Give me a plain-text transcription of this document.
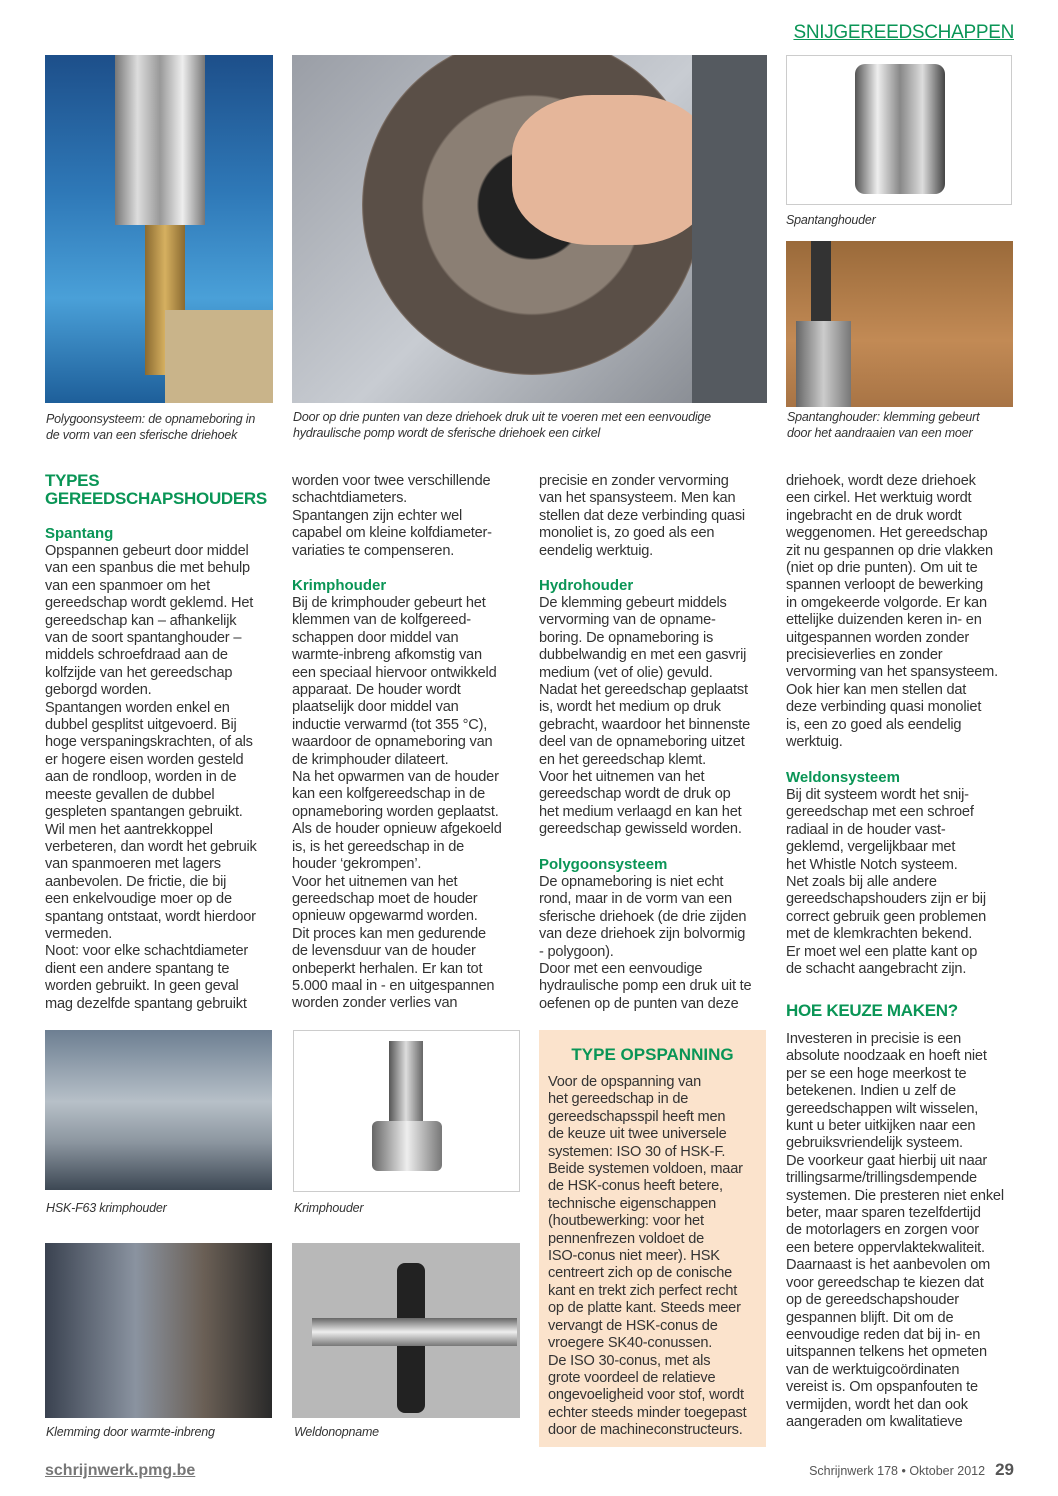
SNIJGEREEDSCHAPPEN
Spantanghouder
Polygoonsysteem: de opnameboring in
de vorm van een sferische driehoek
Door op drie punten van deze driehoek druk uit te voeren met een eenvoudige
hydraulische pomp wordt de sferische driehoek een cirkel
Spantanghouder: klemming gebeurt
door het aandraaien van een moer
TYPES
GEREEDSCHAPSHOUDERS
Spantang
Opspannen gebeurt door middel
van een spanbus die met behulp
van een spanmoer om het
gereedschap wordt geklemd. Het
gereedschap kan – afhankelijk
van de soort spantanghouder –
middels schroefdraad aan de
kolfzijde van het gereedschap
geborgd worden.
Spantangen worden enkel en
dubbel gesplitst uitgevoerd. Bij
hoge verspaningskrachten, of als
er hogere eisen worden gesteld
aan de rondloop, worden in de
meeste gevallen de dubbel
gespleten spantangen gebruikt.
Wil men het aantrekkoppel
verbeteren, dan wordt het gebruik
van spanmoeren met lagers
aanbevolen. De frictie, die bij
een enkelvoudige moer op de
spantang ontstaat, wordt hierdoor
vermeden.
Noot: voor elke schachtdiameter
dient een andere spantang te
worden gebruikt. In geen geval
mag dezelfde spantang gebruikt
worden voor twee verschillende
schachtdiameters.
Spantangen zijn echter wel
capabel om kleine kolfdiameter-
variaties te compenseren.
Krimphouder
Bij de krimphouder gebeurt het
klemmen van de kolfgereed-
schappen door middel van
warmte-inbreng afkomstig van
een speciaal hiervoor ontwikkeld
apparaat. De houder wordt
plaatselijk door middel van
inductie verwarmd (tot 355 °C),
waardoor de opnameboring van
de krimphouder dilateert.
Na het opwarmen van de houder
kan een kolfgereedschap in de
opnameboring worden geplaatst.
Als de houder opnieuw afgekoeld
is, is het gereedschap in de
houder ‘gekrompen’.
Voor het uitnemen van het
gereedschap moet de houder
opnieuw opgewarmd worden.
Dit proces kan men gedurende
de levensduur van de houder
onbeperkt herhalen. Er kan tot
5.000 maal in - en uitgespannen
worden zonder verlies van
precisie en zonder vervorming
van het spansysteem. Men kan
stellen dat deze verbinding quasi
monoliet is, zo goed als een
eendelig werktuig.
Hydrohouder
De klemming gebeurt middels
vervorming van de opname-
boring. De opnameboring is
dubbelwandig en met een gasvrij
medium (vet of olie) gevuld.
Nadat het gereedschap geplaatst
is, wordt het medium op druk
gebracht, waardoor het binnenste
deel van de opnameboring uitzet
en het gereedschap klemt.
Voor het uitnemen van het
gereedschap wordt de druk op
het medium verlaagd en kan het
gereedschap gewisseld worden.
Polygoonsysteem
De opnameboring is niet echt
rond, maar in de vorm van een
sferische driehoek (de drie zijden
van deze driehoek zijn bolvormig
- polygoon).
Door met een eenvoudige
hydraulische pomp een druk uit te
oefenen op de punten van deze
driehoek, wordt deze driehoek
een cirkel. Het werktuig wordt
ingebracht en de druk wordt
weggenomen. Het gereedschap
zit nu gespannen op drie vlakken
(niet op drie punten). Om uit te
spannen verloopt de bewerking
in omgekeerde volgorde. Er kan
ettelijke duizenden keren in- en
uitgespannen worden zonder
precisieverlies en zonder
vervorming van het spansysteem.
Ook hier kan men stellen dat
deze verbinding quasi monoliet
is, een zo goed als eendelig
werktuig.
Weldonsysteem
Bij dit systeem wordt het snij-
gereedschap met een schroef
radiaal in de houder vast-
geklemd, vergelijkbaar met
het Whistle Notch systeem.
Net zoals bij alle andere
gereedschapshouders zijn er bij
correct gebruik geen problemen
met de klemkrachten bekend.
Er moet wel een platte kant op
de schacht aangebracht zijn.
HOE KEUZE MAKEN?
Investeren in precisie is een
absolute noodzaak en hoeft niet
per se een hoge meerkost te
betekenen. Indien u zelf de
gereedschappen wilt wisselen,
kunt u beter uitkijken naar een
gebruiksvriendelijk systeem.
De voorkeur gaat hierbij uit naar
trillingsarme/trillingsdempende
systemen. Die presteren niet enkel
beter, maar sparen tezelfdertijd
de motorlagers en zorgen voor
een betere oppervlaktekwaliteit.
Daarnaast is het aanbevolen om
voor gereedschap te kiezen dat
op de gereedschapshouder
gespannen blijft. Dit om de
eenvoudige reden dat bij in- en
uitspannen telkens het opmeten
van de werktuigcoördinaten
vereist is. Om opspanfouten te
vermijden, wordt het dan ook
aangeraden om kwalitatieve
HSK-F63 krimphouder	Krimphouder
Klemming door warmte-inbreng	Weldonopname
TYPE OPSPANNING
Voor de opspanning van
het gereedschap in de
gereedschapsspil heeft men
de keuze uit twee universele
systemen: ISO 30 of HSK-F.
Beide systemen voldoen, maar
de HSK-conus heeft betere,
technische eigenschappen
(houtbewerking: voor het
pennenfrezen voldoet de
ISO-conus niet meer). HSK
centreert zich op de conische
kant en trekt zich perfect recht
op de platte kant. Steeds meer
vervangt de HSK-conus de
vroegere SK40-conussen.
De ISO 30-conus, met als
grote voordeel de relatieve
ongevoeligheid voor stof, wordt
echter steeds minder toegepast
door de machineconstructeurs.
schrijnwerk.pmg.be	Schrijnwerk 178 • Oktober 2012 29
